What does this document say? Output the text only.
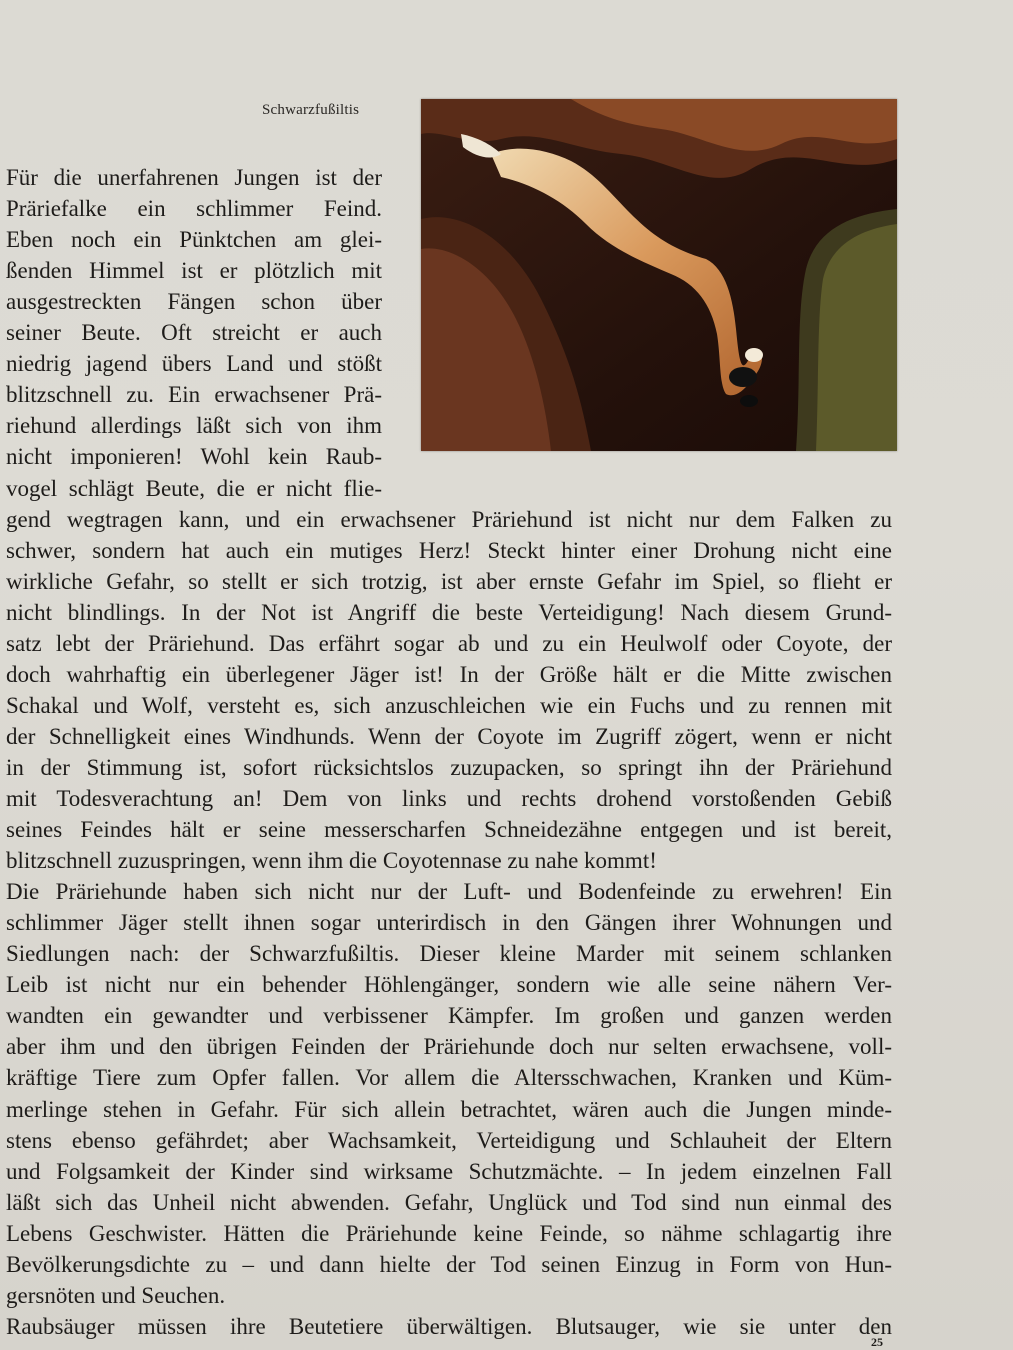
Schwarzfußiltis
Für die unerfahrenen Jungen ist der
Präriefalke ein schlimmer Feind.
Eben noch ein Pünktchen am glei-
ßenden Himmel ist er plötzlich mit
ausgestreckten Fängen schon über
seiner Beute. Oft streicht er auch
niedrig jagend übers Land und stößt
blitzschnell zu. Ein erwachsener Prä-
riehund allerdings läßt sich von ihm
nicht imponieren! Wohl kein Raub-
vogel schlägt Beute, die er nicht flie-
gend wegtragen kann, und ein erwachsener Präriehund ist nicht nur dem Falken zu
schwer, sondern hat auch ein mutiges Herz! Steckt hinter einer Drohung nicht eine
wirkliche Gefahr, so stellt er sich trotzig, ist aber ernste Gefahr im Spiel, so flieht er
nicht blindlings. In der Not ist Angriff die beste Verteidigung! Nach diesem Grund-
satz lebt der Präriehund. Das erfährt sogar ab und zu ein Heulwolf oder Coyote, der
doch wahrhaftig ein überlegener Jäger ist! In der Größe hält er die Mitte zwischen
Schakal und Wolf, versteht es, sich anzuschleichen wie ein Fuchs und zu rennen mit
der Schnelligkeit eines Windhunds. Wenn der Coyote im Zugriff zögert, wenn er nicht
in der Stimmung ist, sofort rücksichtslos zuzupacken, so springt ihn der Präriehund
mit Todesverachtung an! Dem von links und rechts drohend vorstoßenden Gebiß
seines Feindes hält er seine messerscharfen Schneidezähne entgegen und ist bereit,
blitzschnell zuzuspringen, wenn ihm die Coyotennase zu nahe kommt!
Die Präriehunde haben sich nicht nur der Luft- und Bodenfeinde zu erwehren! Ein
schlimmer Jäger stellt ihnen sogar unterirdisch in den Gängen ihrer Wohnungen und
Siedlungen nach: der Schwarzfußiltis. Dieser kleine Marder mit seinem schlanken
Leib ist nicht nur ein behender Höhlengänger, sondern wie alle seine nähern Ver-
wandten ein gewandter und verbissener Kämpfer. Im großen und ganzen werden
aber ihm und den übrigen Feinden der Präriehunde doch nur selten erwachsene, voll-
kräftige Tiere zum Opfer fallen. Vor allem die Altersschwachen, Kranken und Küm-
merlinge stehen in Gefahr. Für sich allein betrachtet, wären auch die Jungen minde-
stens ebenso gefährdet; aber Wachsamkeit, Verteidigung und Schlauheit der Eltern
und Folgsamkeit der Kinder sind wirksame Schutzmächte. – In jedem einzelnen Fall
läßt sich das Unheil nicht abwenden. Gefahr, Unglück und Tod sind nun einmal des
Lebens Geschwister. Hätten die Präriehunde keine Feinde, so nähme schlagartig ihre
Bevölkerungsdichte zu – und dann hielte der Tod seinen Einzug in Form von Hun-
gersnöten und Seuchen.
Raubsäuger müssen ihre Beutetiere überwältigen. Blutsauger, wie sie unter den
25
